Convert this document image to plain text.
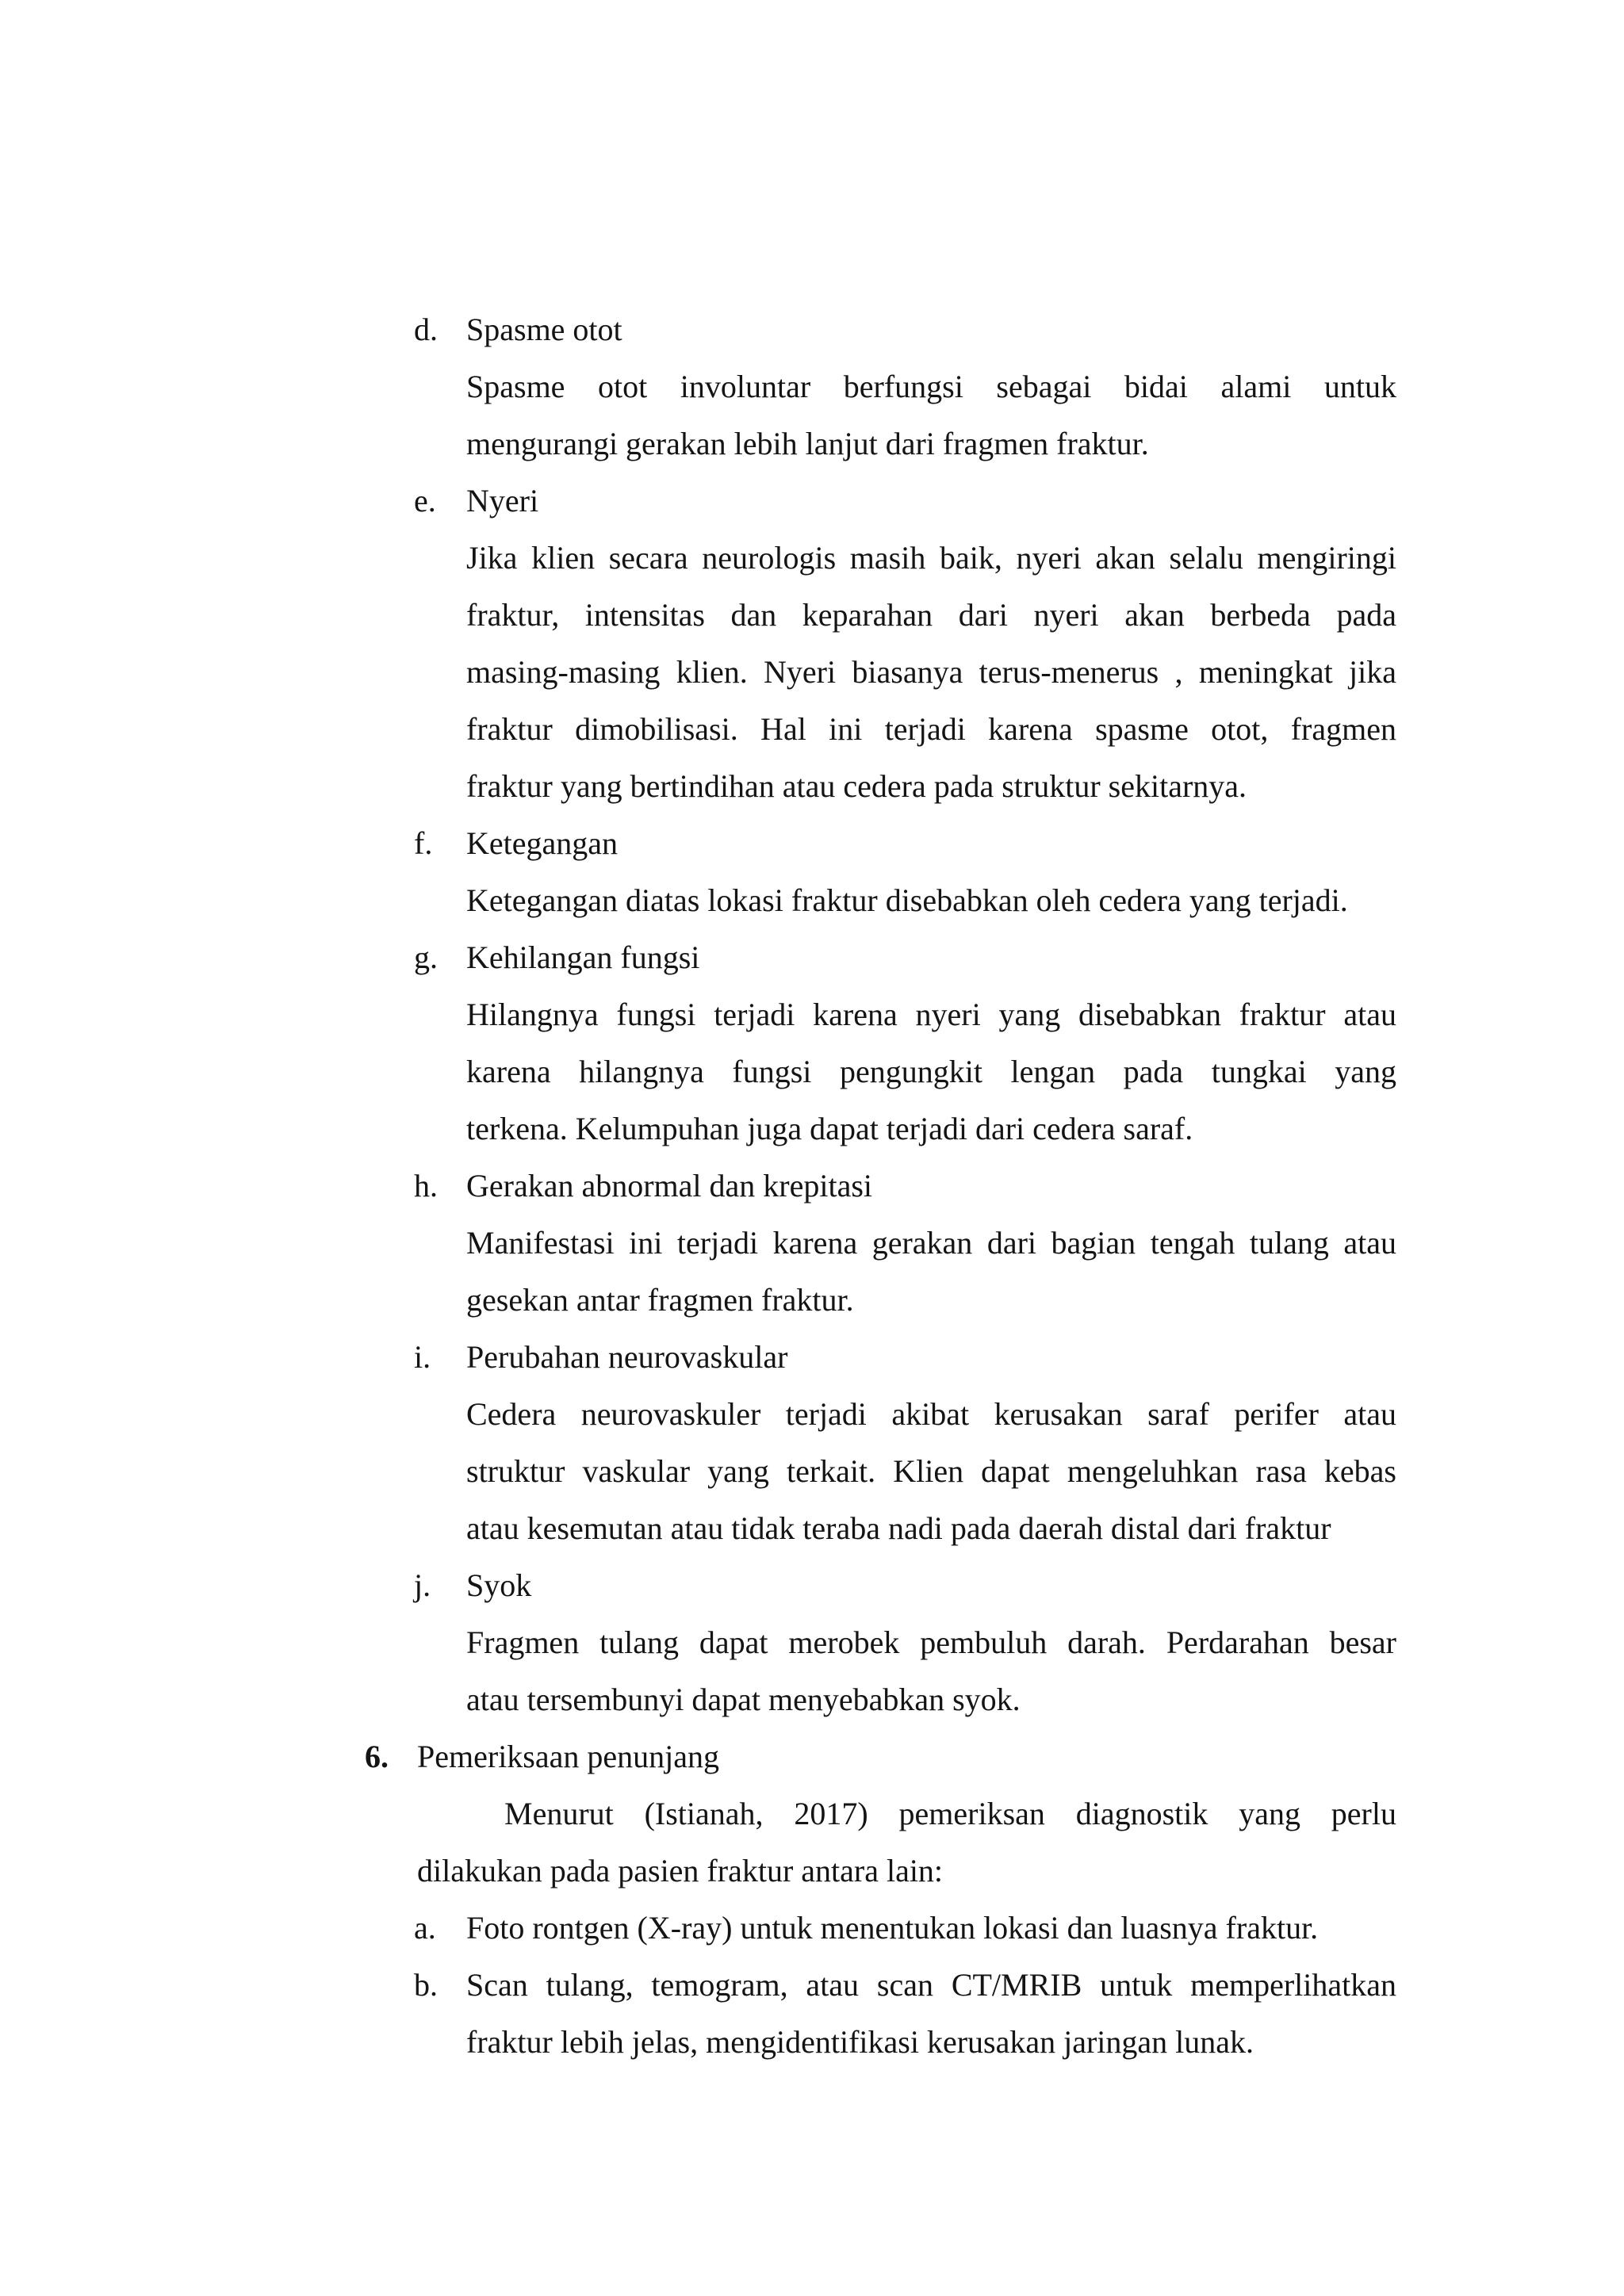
d. Spasme otot
Spasme otot involuntar berfungsi sebagai bidai alami untuk
mengurangi gerakan lebih lanjut dari fragmen fraktur.
e. Nyeri
Jika klien secara neurologis masih baik, nyeri akan selalu mengiringi
fraktur, intensitas dan keparahan dari nyeri akan berbeda pada
masing-masing klien. Nyeri biasanya terus-menerus , meningkat jika
fraktur dimobilisasi. Hal ini terjadi karena spasme otot, fragmen
fraktur yang bertindihan atau cedera pada struktur sekitarnya.
f. Ketegangan
Ketegangan diatas lokasi fraktur disebabkan oleh cedera yang terjadi.
g. Kehilangan fungsi
Hilangnya fungsi terjadi karena nyeri yang disebabkan fraktur atau
karena hilangnya fungsi pengungkit lengan pada tungkai yang
terkena. Kelumpuhan juga dapat terjadi dari cedera saraf.
h. Gerakan abnormal dan krepitasi
Manifestasi ini terjadi karena gerakan dari bagian tengah tulang atau
gesekan antar fragmen fraktur.
i. Perubahan neurovaskular
Cedera neurovaskuler terjadi akibat kerusakan saraf perifer atau
struktur vaskular yang terkait. Klien dapat mengeluhkan rasa kebas
atau kesemutan atau tidak teraba nadi pada daerah distal dari fraktur
j. Syok
Fragmen tulang dapat merobek pembuluh darah. Perdarahan besar
atau tersembunyi dapat menyebabkan syok.
6. Pemeriksaan penunjang
Menurut (Istianah, 2017) pemeriksan diagnostik yang perlu
dilakukan pada pasien fraktur antara lain:
a. Foto rontgen (X-ray) untuk menentukan lokasi dan luasnya fraktur.
b. Scan tulang, temogram, atau scan CT/MRIB untuk memperlihatkan
fraktur lebih jelas, mengidentifikasi kerusakan jaringan lunak.
